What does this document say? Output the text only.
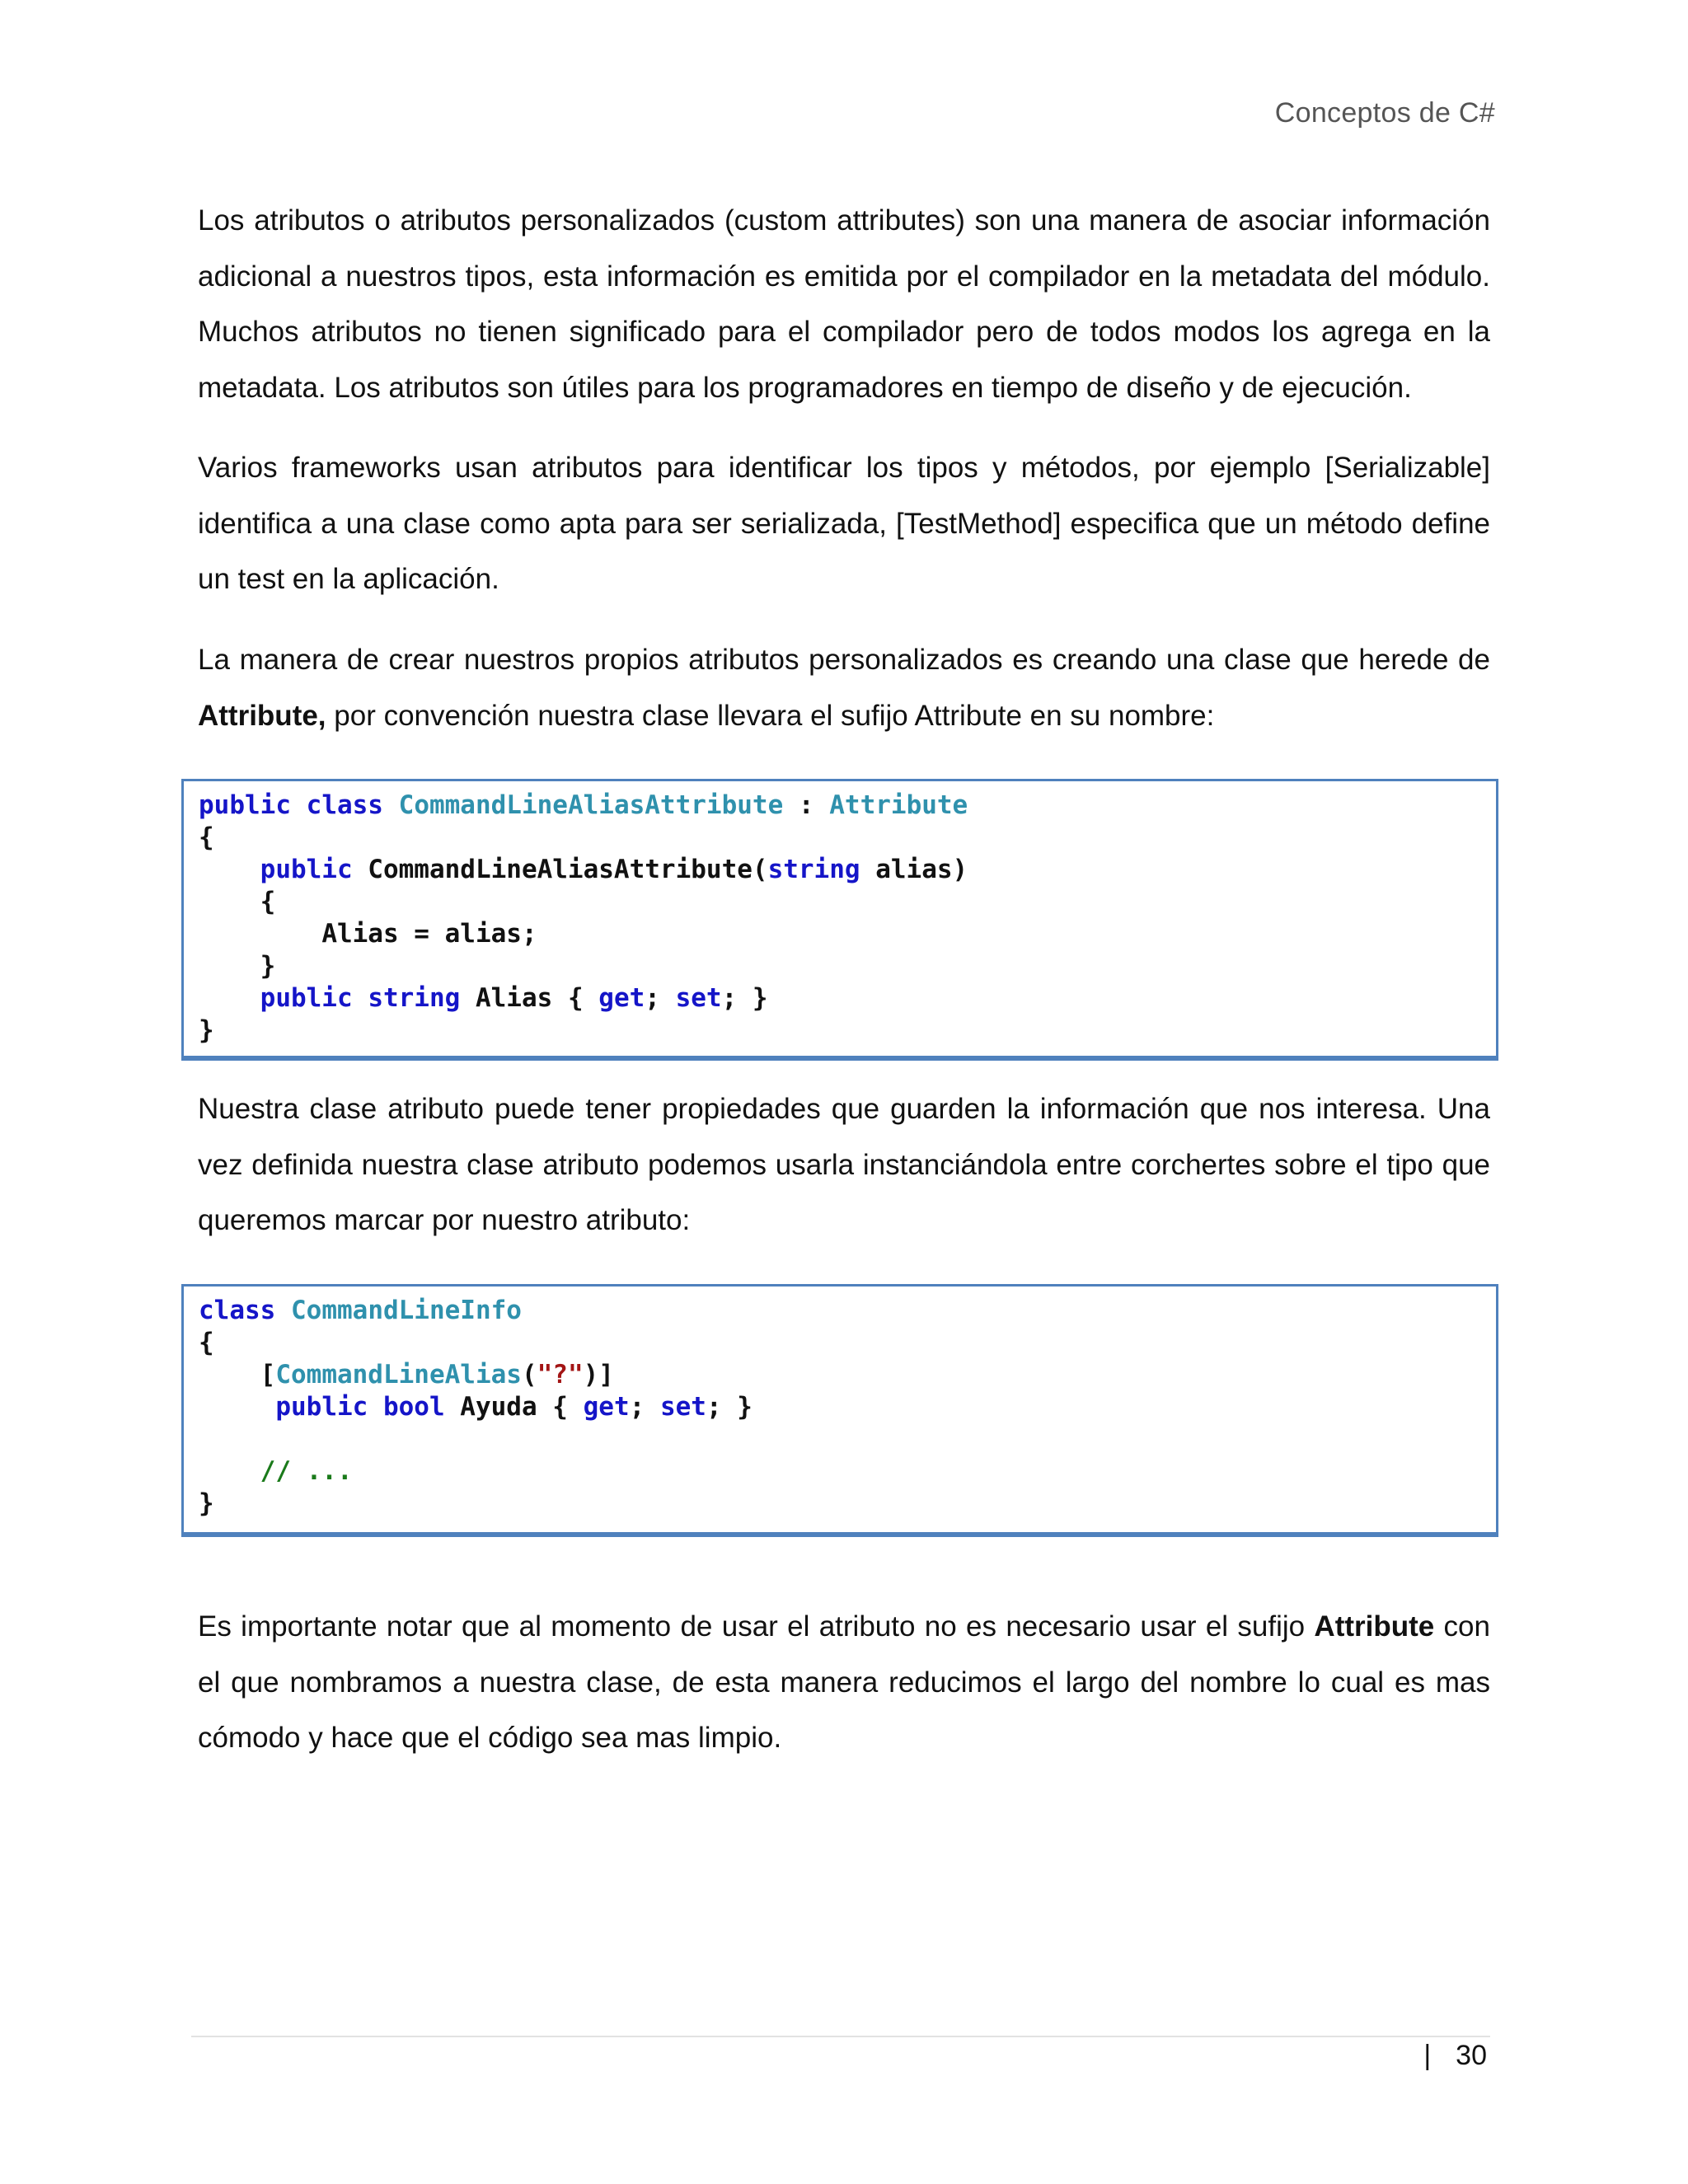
Conceptos de C#
Los atributos o atributos personalizados (custom attributes) son una manera de asociar información adicional a nuestros tipos, esta información es emitida por el compilador en la metadata del módulo. Muchos atributos no tienen significado para el compilador pero de todos modos los agrega en la metadata. Los atributos son útiles para los programadores en tiempo de diseño y de ejecución.
Varios frameworks usan atributos para identificar los tipos y métodos, por ejemplo [Serializable] identifica a una clase como apta para ser serializada, [TestMethod] especifica que un método define un test en la aplicación.
La manera de crear nuestros propios atributos personalizados es creando una clase que herede de Attribute, por convención nuestra clase llevara el sufijo Attribute en su nombre:
public class CommandLineAliasAttribute : Attribute
{
public CommandLineAliasAttribute(string alias)
{
Alias = alias;
}
public string Alias { get; set; }
}
Nuestra clase atributo puede tener propiedades que guarden la información que nos interesa. Una vez definida nuestra clase atributo podemos usarla instanciándola entre corchertes sobre el tipo que queremos marcar por nuestro atributo:
class CommandLineInfo
{
[CommandLineAlias("?")]
public bool Ayuda { get; set; }
// ...
}
Es importante notar que al momento de usar el atributo no es necesario usar el sufijo Attribute con el que nombramos a nuestra clase, de esta manera reducimos el largo del nombre lo cual es mas cómodo y hace que el código sea mas limpio.
| 30
